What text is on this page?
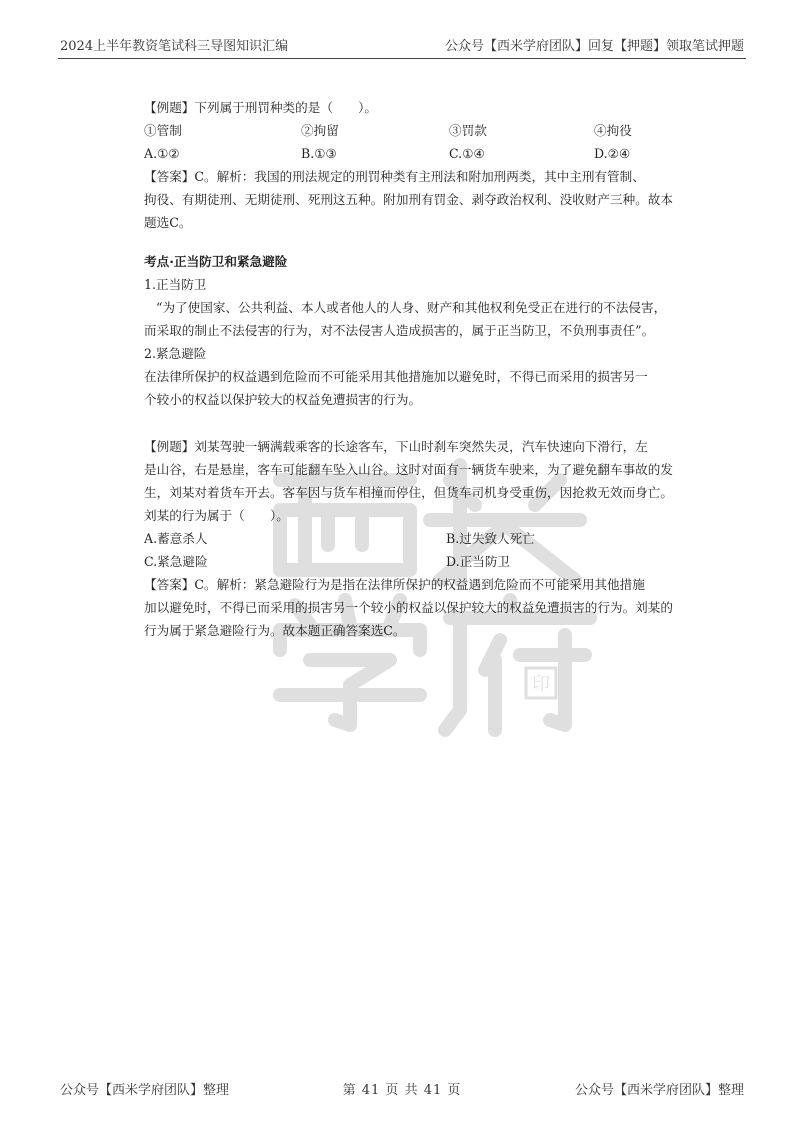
2024上半年教资笔试科三导图知识汇编	公众号【西米学府团队】回复【押题】领取笔试押题
印

【例题】下列属于刑罚种类的是（　　）。

①管制	②拘留	③罚款	④拘役
A.①②	B.①③	C.①④	D.②④

【答案】C。解析：我国的刑法规定的刑罚种类有主刑法和附加刑两类，其中主刑有管制、

拘役、有期徒刑、无期徒刑、死刑这五种。附加刑有罚金、剥夺政治权利、没收财产三种。故本

题选C。

考点·正当防卫和紧急避险

1.正当防卫

“为了使国家、公共利益、本人或者他人的人身、财产和其他权利免受正在进行的不法侵害，

而采取的制止不法侵害的行为，对不法侵害人造成损害的，属于正当防卫，不负刑事责任”。

2.紧急避险

在法律所保护的权益遇到危险而不可能采用其他措施加以避免时，不得已而采用的损害另一

个较小的权益以保护较大的权益免遭损害的行为。

【例题】刘某驾驶一辆满载乘客的长途客车，下山时刹车突然失灵，汽车快速向下滑行，左

是山谷，右是悬崖，客车可能翻车坠入山谷。这时对面有一辆货车驶来，为了避免翻车事故的发

生，刘某对着货车开去。客车因与货车相撞而停住，但货车司机身受重伤，因抢救无效而身亡。

刘某的行为属于（　　）。

A.蓄意杀人	B.过失致人死亡
C.紧急避险	D.正当防卫

【答案】C。解析：紧急避险行为是指在法律所保护的权益遇到危险而不可能采用其他措施

加以避免时，不得已而采用的损害另一个较小的权益以保护较大的权益免遭损害的行为。刘某的

行为属于紧急避险行为。故本题正确答案选C。

公众号【西米学府团队】整理	第 41 页 共 41 页	公众号【西米学府团队】整理
